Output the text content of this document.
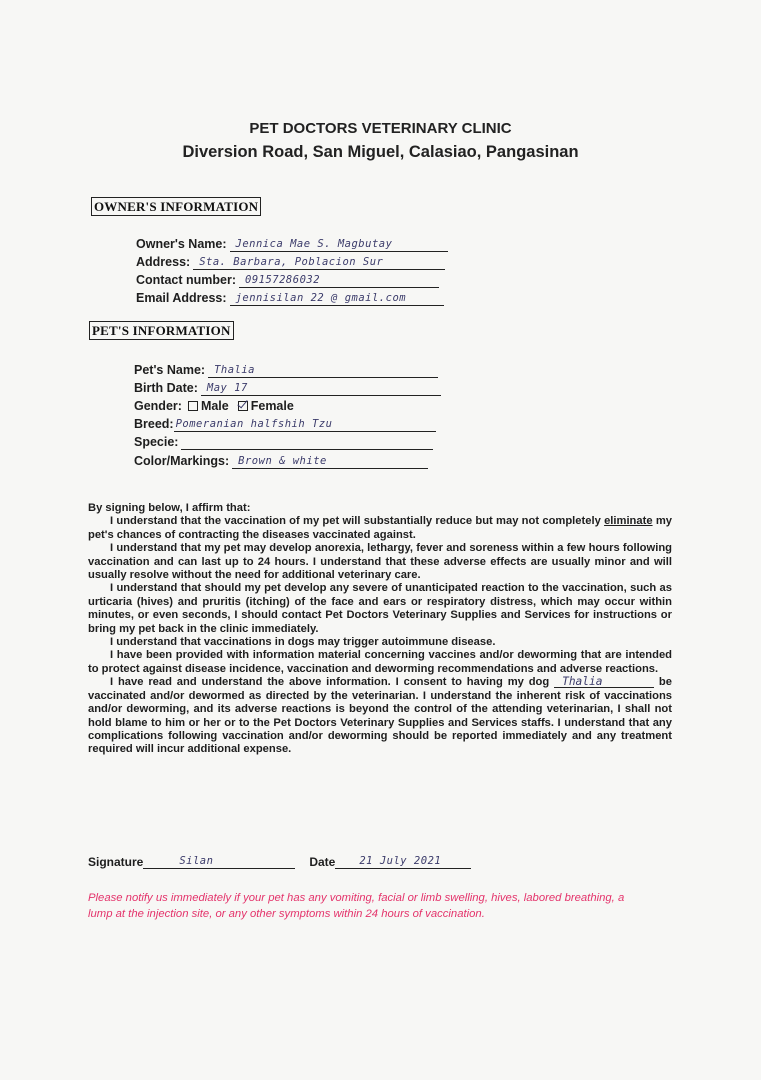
PET DOCTORS VETERINARY CLINIC
Diversion Road, San Miguel, Calasiao, Pangasinan
OWNER'S INFORMATION
Owner's Name: Jennica Mae S. Magbutay
Address: Sta. Barbara, Poblacion Sur
Contact number: 09157286032
Email Address: jennisilan 22 @ gmail.com
PET'S INFORMATION
Pet's Name: Thalia
Birth Date: May 17
Gender: Male Female
Breed: Pomeranian halfshih Tzu
Specie:
Color/Markings: Brown & white

By signing below, I affirm that:

I understand that the vaccination of my pet will substantially reduce but may not completely eliminate my pet's chances of contracting the diseases vaccinated against.

I understand that my pet may develop anorexia, lethargy, fever and soreness within a few hours following vaccination and can last up to 24 hours. I understand that these adverse effects are usually minor and will usually resolve without the need for additional veterinary care.

I understand that should my pet develop any severe of unanticipated reaction to the vaccination, such as urticaria (hives) and pruritis (itching) of the face and ears or respiratory distress, which may occur within minutes, or even seconds, I should contact Pet Doctors Veterinary Supplies and Services for instructions or bring my pet back in the clinic immediately.

I understand that vaccinations in dogs may trigger autoimmune disease.

I have been provided with information material concerning vaccines and/or deworming that are intended to protect against disease incidence, vaccination and deworming recommendations and adverse reactions.

I have read and understand the above information. I consent to having my dog Thalia	be vaccinated and/or dewormed as directed by the veterinarian. I understand the inherent risk of vaccinations and/or deworming, and its adverse reactions is beyond the control of the attending veterinarian, I shall not hold blame to him or her or to the Pet Doctors Veterinary Supplies and Services staffs. I understand that any complications following vaccination and/or deworming should be reported immediately and any treatment required will incur additional expense.

Signature	Silan	Date	21 July 2021
Please notify us immediately if your pet has any vomiting, facial or limb swelling, hives, labored breathing, a lump at the injection site, or any other symptoms within 24 hours of vaccination.
